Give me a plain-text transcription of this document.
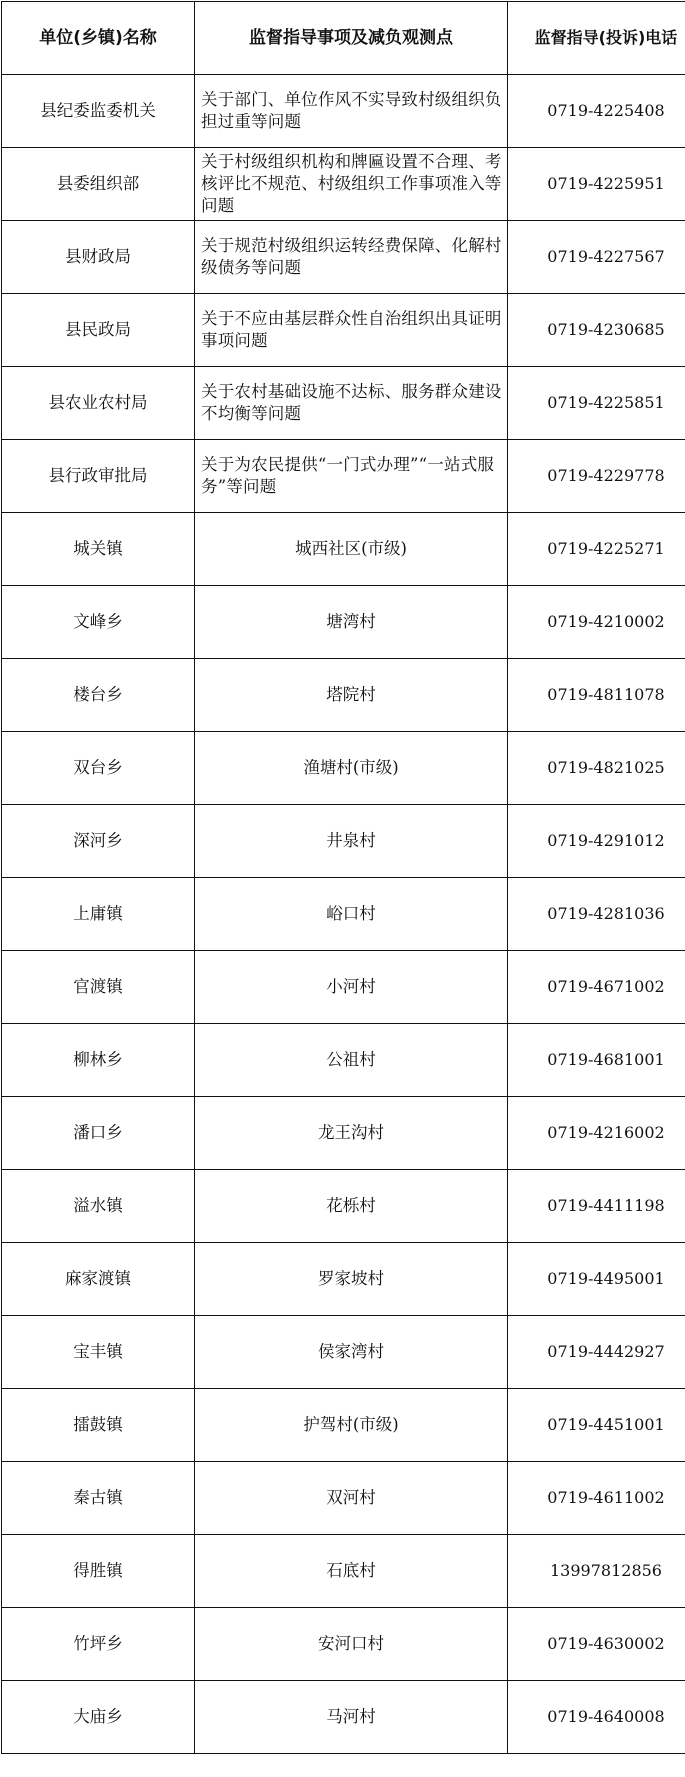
单位(乡镇)名称	监督指导事项及减负观测点	监督指导(投诉)电话
县纪委监委机关	关于部门、单位作风不实导致村级组织负担过重等问题	0719-4225408
县委组织部	关于村级组织机构和牌匾设置不合理、考核评比不规范、村级组织工作事项准入等问题	0719-4225951
县财政局	关于规范村级组织运转经费保障、化解村级债务等问题	0719-4227567
县民政局	关于不应由基层群众性自治组织出具证明事项问题	0719-4230685
县农业农村局	关于农村基础设施不达标、服务群众建设不均衡等问题	0719-4225851
县行政审批局	关于为农民提供“一门式办理”“一站式服务”等问题	0719-4229778
城关镇	城西社区(市级)	0719-4225271
文峰乡	塘湾村	0719-4210002
楼台乡	塔院村	0719-4811078
双台乡	渔塘村(市级)	0719-4821025
深河乡	井泉村	0719-4291012
上庸镇	峪口村	0719-4281036
官渡镇	小河村	0719-4671002
柳林乡	公祖村	0719-4681001
潘口乡	龙王沟村	0719-4216002
溢水镇	花栎村	0719-4411198
麻家渡镇	罗家坡村	0719-4495001
宝丰镇	侯家湾村	0719-4442927
擂鼓镇	护驾村(市级)	0719-4451001
秦古镇	双河村	0719-4611002
得胜镇	石底村	13997812856
竹坪乡	安河口村	0719-4630002
大庙乡	马河村	0719-4640008
